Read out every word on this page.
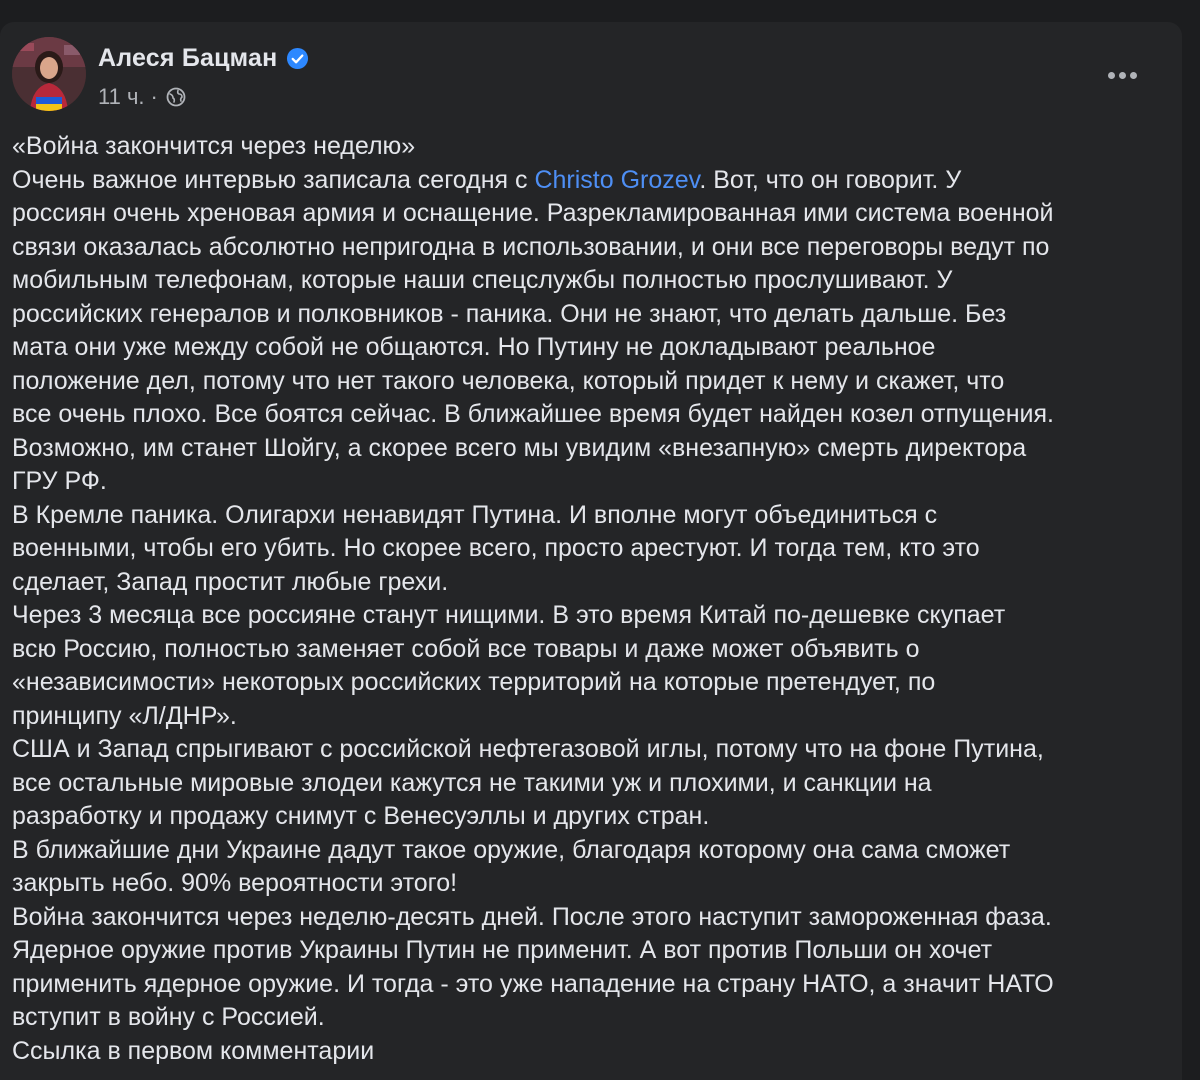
Алеся Бацман
11 ч. ·
«Война закончится через неделю»
Очень важное интервью записала сегодня с Christo Grozev. Вот, что он говорит. У
россиян очень хреновая армия и оснащение. Разрекламированная ими система военной
связи оказалась абсолютно непригодна в использовании, и они все переговоры ведут по
мобильным телефонам, которые наши спецслужбы полностью прослушивают. У
российских генералов и полковников - паника. Они не знают, что делать дальше. Без
мата они уже между собой не общаются. Но Путину не докладывают реальное
положение дел, потому что нет такого человека, который придет к нему и скажет, что
все очень плохо. Все боятся сейчас. В ближайшее время будет найден козел отпущения.
Возможно, им станет Шойгу, а скорее всего мы увидим «внезапную» смерть директора
ГРУ РФ.
В Кремле паника. Олигархи ненавидят Путина. И вполне могут объединиться с
военными, чтобы его убить. Но скорее всего, просто арестуют. И тогда тем, кто это
сделает, Запад простит любые грехи.
Через 3 месяца все россияне станут нищими. В это время Китай по-дешевке скупает
всю Россию, полностью заменяет собой все товары и даже может объявить о
«независимости» некоторых российских территорий на которые претендует, по
принципу «Л/ДНР».
США и Запад спрыгивают с российской нефтегазовой иглы, потому что на фоне Путина,
все остальные мировые злодеи кажутся не такими уж и плохими, и санкции на
разработку и продажу снимут с Венесуэллы и других стран.
В ближайшие дни Украине дадут такое оружие, благодаря которому она сама сможет
закрыть небо. 90% вероятности этого!
Война закончится через неделю-десять дней. После этого наступит замороженная фаза.
Ядерное оружие против Украины Путин не применит. А вот против Польши он хочет
применить ядерное оружие. И тогда - это уже нападение на страну НАТО, а значит НАТО
вступит в войну с Россией.
Ссылка в первом комментарии
